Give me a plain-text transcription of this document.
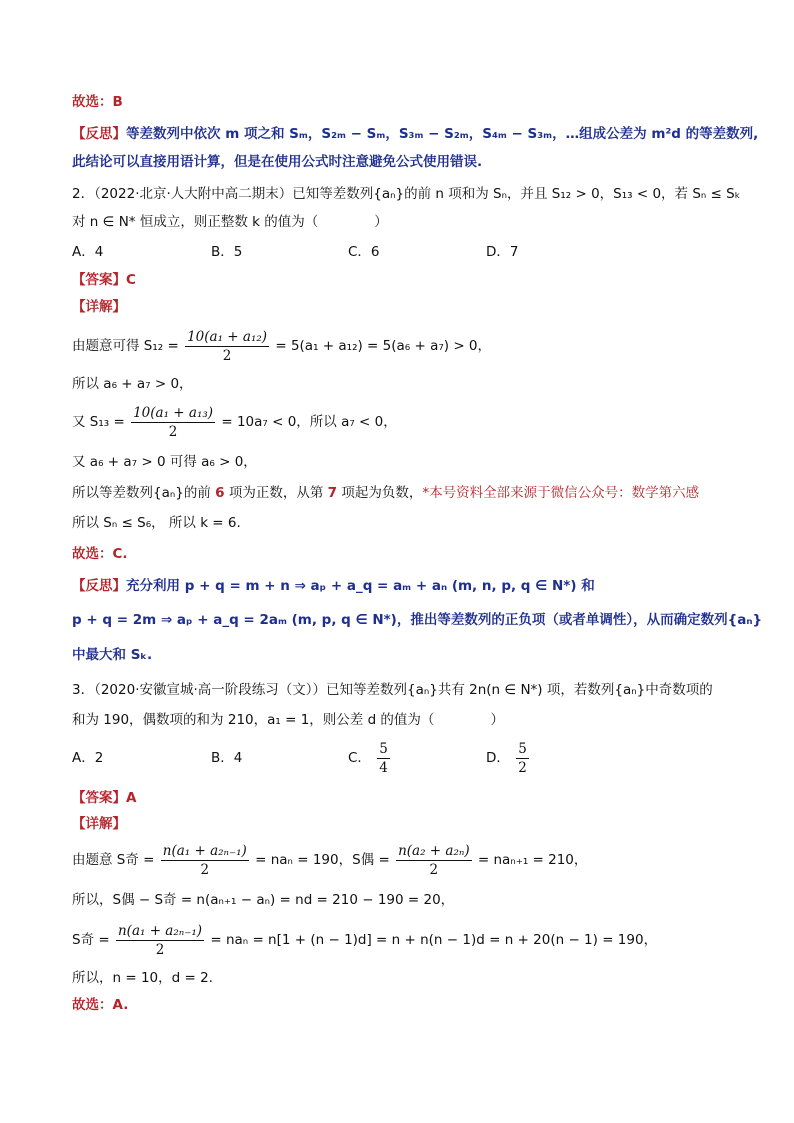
故选：B
【反思】等差数列中依次 m 项之和 Sₘ，S₂ₘ − Sₘ，S₃ₘ − S₂ₘ，S₄ₘ − S₃ₘ，…组成公差为 m²d 的等差数列,
此结论可以直接用语计算，但是在使用公式时注意避免公式使用错误.
2．（2022·北京·人大附中高二期末）已知等差数列{aₙ}的前 n 项和为 Sₙ，并且 S₁₂ > 0，S₁₃ < 0，若 Sₙ ≤ Sₖ
对 n ∈ N* 恒成立，则正整数 k 的值为（	）
A．4	B．5	C．6	D．7
【答案】C
【详解】
由题意可得 $S_{12} = \frac{\text{10(a₁ + a₁₂)}}{2} = 5(a_1 + a_{12}) = 5(a_6 + a_7) > 0$，
所以 a₆ + a₇ > 0，
又 $S_{13} = \frac{\text{10(a₁ + a₁₃)}}{2} = 10a_7 < 0$，所以 a₇ < 0，
又 a₆ + a₇ > 0 可得 a₆ > 0，
所以等差数列{aₙ}的前 6 项为正数，从第 7 项起为负数，*本号资料全部来源于微信公众号：数学第六感
所以 Sₙ ≤ S₆， 所以 k = 6.
故选：C.
【反思】充分利用 p + q = m + n ⇒ aₚ + a_q = aₘ + aₙ (m, n, p, q ∈ N*) 和
p + q = 2m ⇒ aₚ + a_q = 2aₘ (m, p, q ∈ N*)，推出等差数列的正负项（或者单调性），从而确定数列{aₙ}
中最大和 Sₖ.
3．（2020·安徽宣城·高一阶段练习（文））已知等差数列{aₙ}共有 2n(n ∈ N*) 项，若数列{aₙ}中奇数项的
和为 190，偶数项的和为 210，a₁ = 1，则公差 d 的值为（	）
A．2	B．4	C． $\frac{5}{4}$	D． $\frac{5}{2}$
【答案】A
【详解】
由题意 S奇 = $\frac{\text{n(a₁ + a₂ₙ₋₁)}}{2} = na_n = 190$，S偶 = $\frac{\text{n(a₂ + a₂ₙ)}}{2} = na_{n+1} = 210$，
所以，S偶 − S奇 = n(aₙ₊₁ − aₙ) = nd = 210 − 190 = 20，
S奇 = $\frac{\text{n(a₁ + a₂ₙ₋₁)}}{2} = na_n = n[1 + (n - 1)d] = n + n(n - 1)d = n + 20(n - 1) = 190$，
所以，n = 10，d = 2.
故选：A.
